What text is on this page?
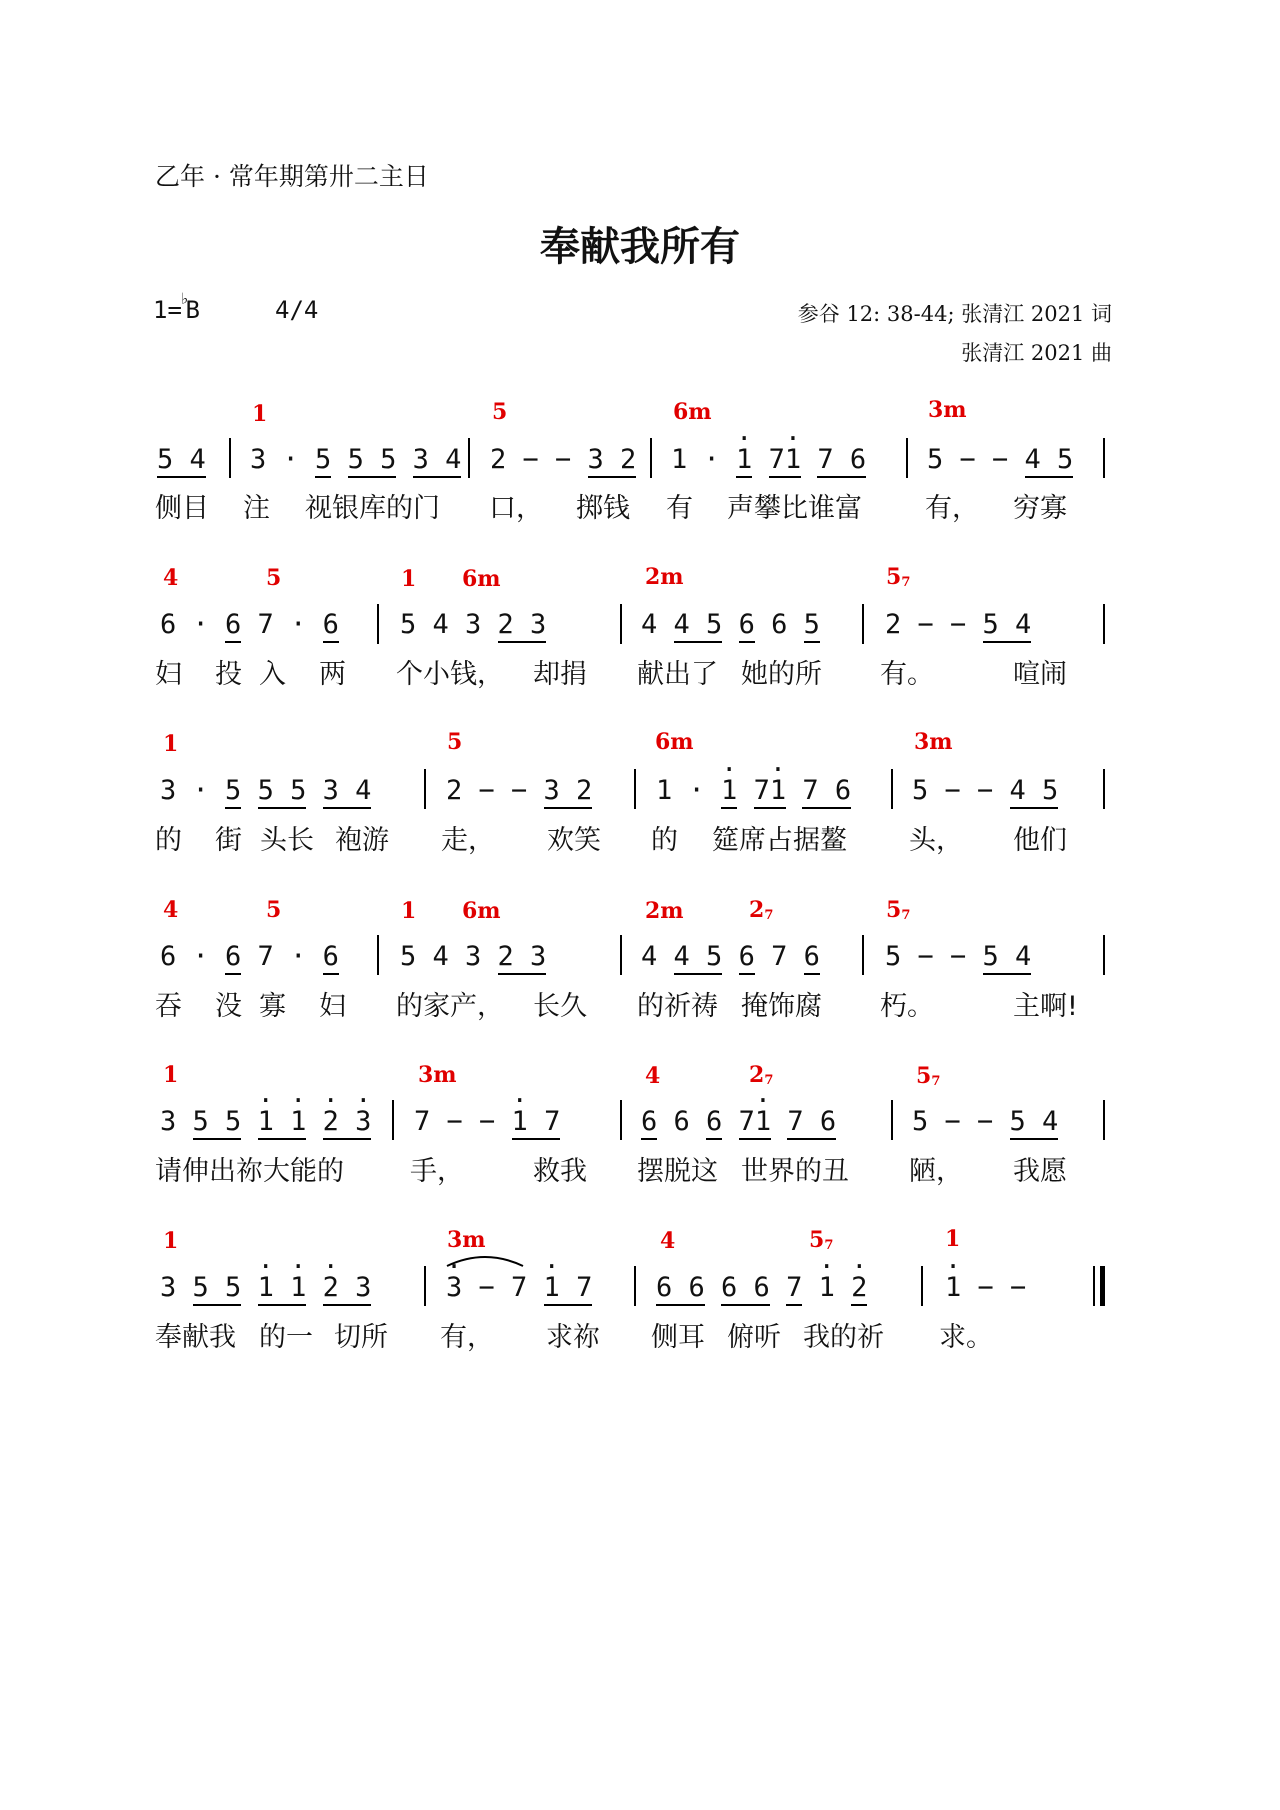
乙年 · 常年期第卅二主日
奉献我所有
1=♭B	4/4	参谷 12: 38-44; 张清江 2021 词
张清江 2021 曲
1	5	6m	3m
5 4 3 · 5 5 5 3 4 2 − − 3 2 1 · · 1 7· 1 7 6 5 − − 4 5
侧目 注 视银库的门 口， 掷钱 有 声攀比谁富 有， 穷寡
4	5	1 6m	2m	$5_7$
6 · 6 7 · 6 5 4 3 2 3	4 4 5 6 6 5 2 − − 5 4
妇 投 入 两 个小钱， 却捐 献出了 她的所 有。	喧闹
1	5	6m	3m
3 · 5 5 5 3 4	2 − − 3 2 1 · · 1 7· 1 7 6 5 − − 4 5
的 街 头长 袍游 走， 欢笑 的 筵席占据鳌 头， 他们
4	5	1 6m	2m	$2_7$	$5_7$
6 · 6 7 · 6 5 4 3 2 3	4 4 5 6 7 6 5 − − 5 4
吞 没 寡 妇 的家产， 长久 的祈祷 掩饰腐 朽。	主啊!
1	3m	4	$2_7$	$5_7$
3 5 5 · 1 · 1 · 2 · 3 7 − − · 1 7	6 6 6 7· 1 7 6	5 − − 5 4
请伸出祢大能的 手，	救我 摆脱这 世界的丑 陋， 我愿
1	3m	4	$5_7$	1
3 5 5 · 1 · 1 · 2 3	· 3 − 7 · 1 7 6 6 6 6 7 · 1 · 2	· 1 − −
奉献我 的一 切所 有， 求祢 侧耳 俯听 我的祈 求。
